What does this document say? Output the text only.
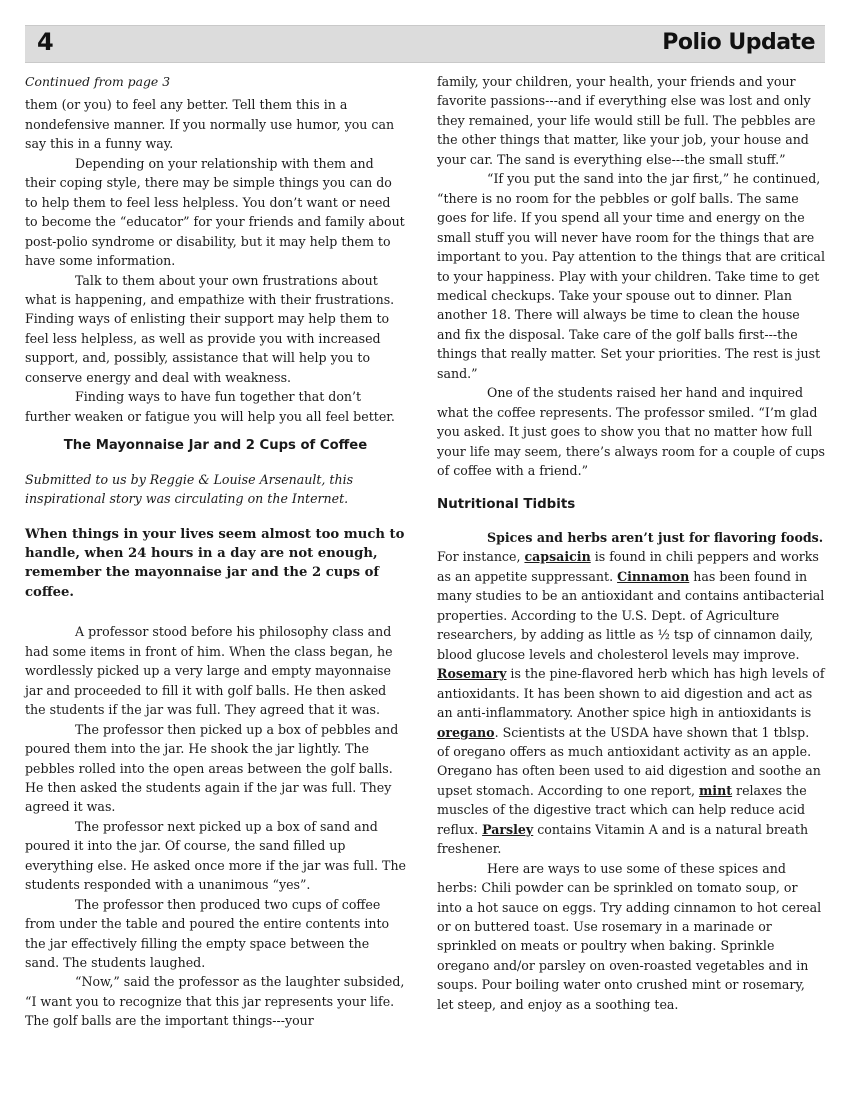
4	Polio Update

Continued from page 3

them (or you) to feel any better. Tell them this in a nondefensive manner. If you normally use humor, you can say this in a funny way.

Depending on your relationship with them and their coping style, there may be simple things you can do to help them to feel less helpless. You don’t want or need to become the “educator” for your friends and family about post-polio syndrome or disability, but it may help them to have some information.

Talk to them about your own frustrations about what is happening, and empathize with their frustrations. Finding ways of enlisting their support may help them to feel less helpless, as well as provide you with increased support, and, possibly, assistance that will help you to conserve energy and deal with weakness.

Finding ways to have fun together that don’t further weaken or fatigue you will help you all feel better.

The Mayonnaise Jar and 2 Cups of Coffee

Submitted to us by Reggie & Louise Arsenault, this inspirational story was circulating on the Internet.

When things in your lives seem almost too much to handle, when 24 hours in a day are not enough, remember the mayonnaise jar and the 2 cups of coffee.

A professor stood before his philosophy class and had some items in front of him. When the class began, he wordlessly picked up a very large and empty mayonnaise jar and proceeded to fill it with golf balls. He then asked the students if the jar was full. They agreed that it was.

The professor then picked up a box of pebbles and poured them into the jar. He shook the jar lightly. The pebbles rolled into the open areas between the golf balls. He then asked the students again if the jar was full. They agreed it was.

The professor next picked up a box of sand and poured it into the jar. Of course, the sand filled up everything else. He asked once more if the jar was full. The students responded with a unanimous “yes”.

The professor then produced two cups of coffee from under the table and poured the entire contents into the jar effectively filling the empty space between the sand. The students laughed.

“Now,” said the professor as the laughter subsided, “I want you to recognize that this jar represents your life. The golf balls are the important things---your

family, your children, your health, your friends and your favorite passions---and if everything else was lost and only they remained, your life would still be full. The pebbles are the other things that matter, like your job, your house and your car. The sand is everything else---the small stuff.”

“If you put the sand into the jar first,” he continued, “there is no room for the pebbles or golf balls. The same goes for life. If you spend all your time and energy on the small stuff you will never have room for the things that are important to you. Pay attention to the things that are critical to your happiness. Play with your children. Take time to get medical checkups. Take your spouse out to dinner. Plan another 18. There will always be time to clean the house and fix the disposal. Take care of the golf balls first---the things that really matter. Set your priorities. The rest is just sand.”

One of the students raised her hand and inquired what the coffee represents. The professor smiled. “I’m glad you asked. It just goes to show you that no matter how full your life may seem, there’s always room for a couple of cups of coffee with a friend.”

Nutritional Tidbits

Spices and herbs aren’t just for flavoring foods. For instance, capsaicin is found in chili peppers and works as an appetite suppressant. Cinnamon has been found in many studies to be an antioxidant and contains antibacterial properties. According to the U.S. Dept. of Agriculture researchers, by adding as little as ½ tsp of cinnamon daily, blood glucose levels and cholesterol levels may improve. Rosemary is the pine-flavored herb which has high levels of antioxidants. It has been shown to aid digestion and act as an anti-inflammatory. Another spice high in antioxidants is oregano. Scientists at the USDA have shown that 1 tblsp. of oregano offers as much antioxidant activity as an apple. Oregano has often been used to aid digestion and soothe an upset stomach. According to one report, mint relaxes the muscles of the digestive tract which can help reduce acid reflux. Parsley contains Vitamin A and is a natural breath freshener.

Here are ways to use some of these spices and herbs: Chili powder can be sprinkled on tomato soup, or into a hot sauce on eggs. Try adding cinnamon to hot cereal or on buttered toast. Use rosemary in a marinade or sprinkled on meats or poultry when baking. Sprinkle oregano and/or parsley on oven-roasted vegetables and in soups. Pour boiling water onto crushed mint or rosemary, let steep, and enjoy as a soothing tea.
